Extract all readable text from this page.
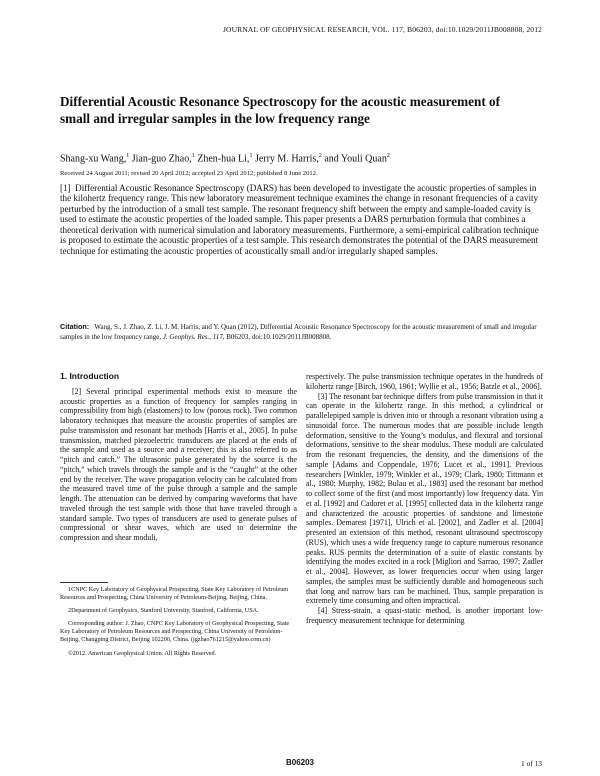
JOURNAL OF GEOPHYSICAL RESEARCH, VOL. 117, B06203, doi:10.1029/2011JB008808, 2012
Differential Acoustic Resonance Spectroscopy for the acoustic measurement of small and irregular samples in the low frequency range
Shang-xu Wang,$^1$ Jian-guo Zhao,$^1$ Zhen-hua Li,$^1$ Jerry M. Harris,$^2$ and Youli Quan$^2$
Received 24 August 2011; revised 20 April 2012; accepted 23 April 2012; published 8 June 2012.
[1] Differential Acoustic Resonance Spectroscopy (DARS) has been developed to investigate the acoustic properties of samples in the kilohertz frequency range. This new laboratory measurement technique examines the change in resonant frequencies of a cavity perturbed by the introduction of a small test sample. The resonant frequency shift between the empty and sample-loaded cavity is used to estimate the acoustic properties of the loaded sample. This paper presents a DARS perturbation formula that combines a theoretical derivation with numerical simulation and laboratory measurements. Furthermore, a semi-empirical calibration technique is proposed to estimate the acoustic properties of a test sample. This research demonstrates the potential of the DARS measurement technique for estimating the acoustic properties of acoustically small and/or irregularly shaped samples.
Citation: Wang, S., J. Zhao, Z. Li, J. M. Harris, and Y. Quan (2012), Differential Acoustic Resonance Spectroscopy for the acoustic measurement of small and irregular samples in the low frequency range, J. Geophys. Res., 117, B06203, doi:10.1029/2011JB008808.
1. Introduction

[2] Several principal experimental methods exist to measure the acoustic properties as a function of frequency for samples ranging in compressibility from high (elastomers) to low (porous rock). Two common laboratory techniques that measure the acoustic properties of samples are pulse transmission and resonant bar methods [Harris et al., 2005]. In pulse transmission, matched piezoelectric transducers are placed at the ends of the sample and used as a source and a receiver; this is also referred to as “pitch and catch.” The ultrasonic pulse generated by the source is the “pitch,” which travels through the sample and is the “caught” at the other end by the receiver. The wave propagation velocity can be calculated from the measured travel time of the pulse through a sample and the sample length. The attenuation can be derived by comparing waveforms that have traveled through the test sample with those that have traveled through a standard sample. Two types of transducers are used to generate pulses of compressional or shear waves, which are used to determine the compression and shear moduli,

1CNPC Key Laboratory of Geophysical Prospecting, State Key Laboratory of Petroleum Resources and Prospecting, China University of Petroleum-Beijing, Beijing, China.

2Department of Geophysics, Stanford University, Stanford, California, USA.

Corresponding author: J. Zhao, CNPC Key Laboratory of Geophysical Prospecting, State Key Laboratory of Petroleum Resources and Prospecting, China University of Petroleum-Beijing, Changping District, Beijing 102200, China. (jgzhao761215@yahoo.com.cn)

©2012. American Geophysical Union. All Rights Reserved.

respectively. The pulse transmission technique operates in the hundreds of kilohertz range [Birch, 1960, 1961; Wyllie et al., 1956; Batzle et al., 2006].

[3] The resonant bar technique differs from pulse transmission in that it can operate in the kilohertz range. In this method, a cylindrical or parallelepiped sample is driven into or through a resonant vibration using a sinusoidal force. The numerous modes that are possible include length deformation, sensitive to the Young’s modulus, and flexural and torsional deformations, sensitive to the shear modulus. These moduli are calculated from the resonant frequencies, the density, and the dimensions of the sample [Adams and Coppendale, 1976; Lucet et al., 1991]. Previous researchers [Winkler, 1979; Winkler et al., 1979; Clark, 1980; Tittmann et al., 1980; Murphy, 1982; Bulau et al., 1983] used the resonant bar method to collect some of the first (and most importantly) low frequency data. Yin et al. [1992] and Cadoret et al. [1995] collected data in the kilohertz range and characterized the acoustic properties of sandstone and limestone samples. Demarest [1971], Ulrich et al. [2002], and Zadler et al. [2004] presented an extension of this method, resonant ultrasound spectroscopy (RUS), which uses a wide frequency range to capture numerous resonance peaks. RUS permits the determination of a suite of elastic constants by identifying the modes excited in a rock [Migliori and Sarrao, 1997; Zadler et al., 2004]. However, as lower frequencies occur when using larger samples, the samples must be sufficiently durable and homogeneous such that long and narrow bars can be machined. Thus, sample preparation is extremely time consuming and often impractical.

[4] Stress-strain, a quasi-static method, is another important low-frequency measurement technique for determining

B06203	1 of 13
